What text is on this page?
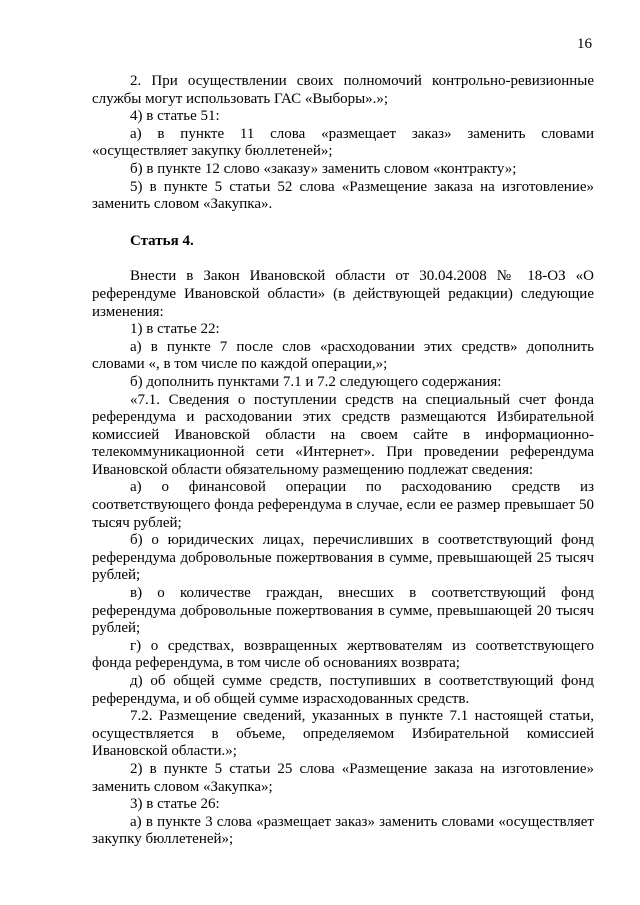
16

2. При осуществлении своих полномочий контрольно-ревизионные службы могут использовать ГАС «Выборы».»;

4) в статье 51:

а) в пункте 11 слова «размещает заказ» заменить словами «осуществляет закупку бюллетеней»;

б) в пункте 12 слово «заказу» заменить словом «контракту»;

5) в пункте 5 статьи 52 слова «Размещение заказа на изготовление» заменить словом «Закупка».

Статья 4.

Внести в Закон Ивановской области от 30.04.2008 № 18-ОЗ «О референдуме Ивановской области» (в действующей редакции) следующие изменения:

1) в статье 22:

а) в пункте 7 после слов «расходовании этих средств» дополнить словами «, в том числе по каждой операции,»;

б) дополнить пунктами 7.1 и 7.2 следующего содержания:

«7.1. Сведения о поступлении средств на специальный счет фонда референдума и расходовании этих средств размещаются Избирательной комиссией Ивановской области на своем сайте в информационно-телекоммуникационной сети «Интернет». При проведении референдума Ивановской области обязательному размещению подлежат сведения:

а) о финансовой операции по расходованию средств из соответствующего фонда референдума в случае, если ее размер превышает 50 тысяч рублей;

б) о юридических лицах, перечисливших в соответствующий фонд референдума добровольные пожертвования в сумме, превышающей 25 тысяч рублей;

в) о количестве граждан, внесших в соответствующий фонд референдума добровольные пожертвования в сумме, превышающей 20 тысяч рублей;

г) о средствах, возвращенных жертвователям из соответствующего фонда референдума, в том числе об основаниях возврата;

д) об общей сумме средств, поступивших в соответствующий фонд референдума, и об общей сумме израсходованных средств.

7.2. Размещение сведений, указанных в пункте 7.1 настоящей статьи, осуществляется в объеме, определяемом Избирательной комиссией Ивановской области.»;

2) в пункте 5 статьи 25 слова «Размещение заказа на изготовление» заменить словом «Закупка»;

3) в статье 26:

а) в пункте 3 слова «размещает заказ» заменить словами «осуществляет закупку бюллетеней»;
